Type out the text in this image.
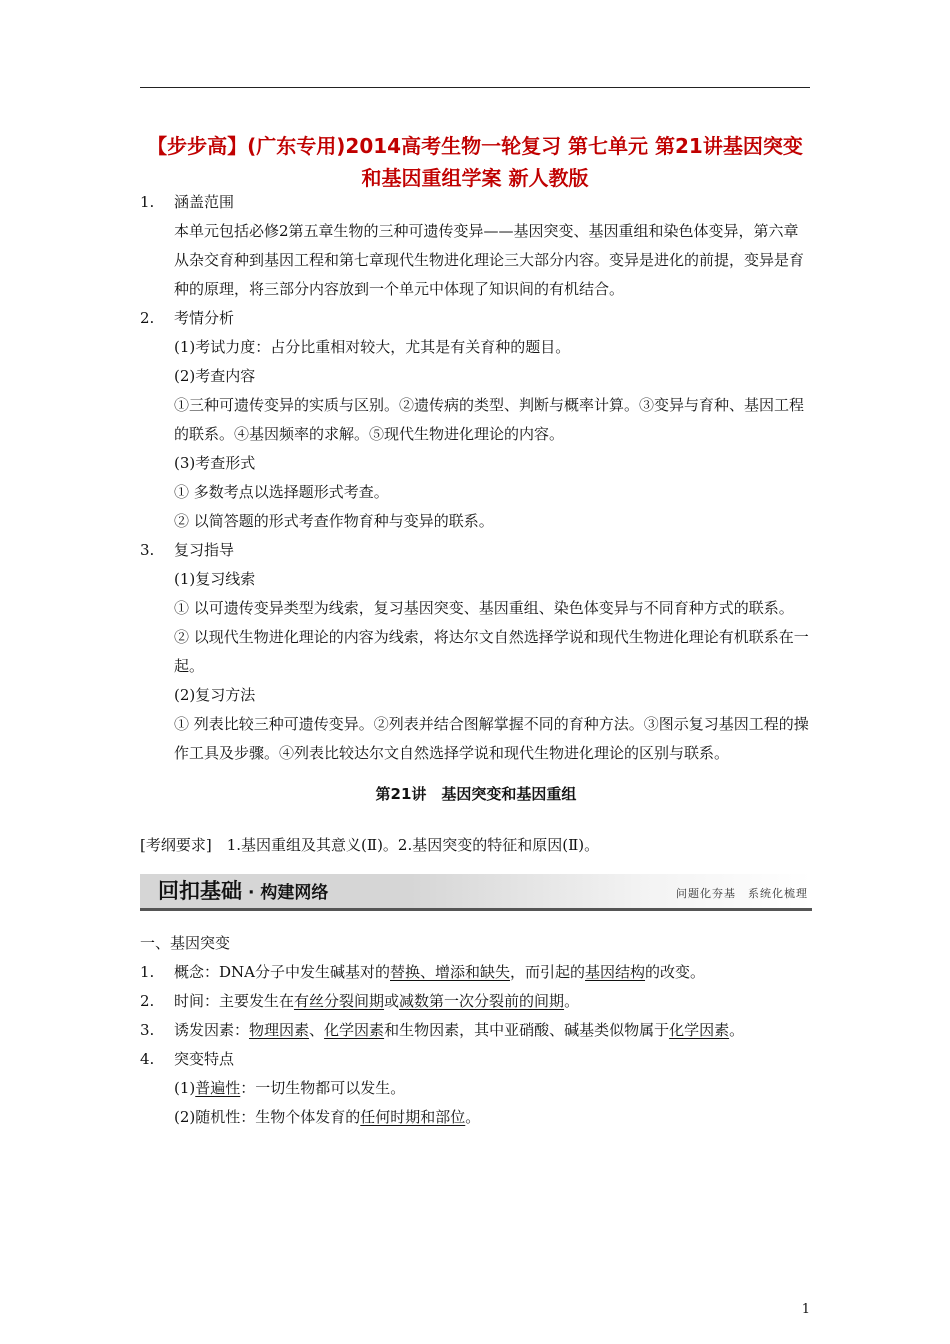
【步步高】(广东专用)2014高考生物一轮复习 第七单元 第21讲基因突变和基因重组学案 新人教版
1. 涵盖范围
本单元包括必修2第五章生物的三种可遗传变异——基因突变、基因重组和染色体变异，第六章从杂交育种到基因工程和第七章现代生物进化理论三大部分内容。变异是进化的前提，变异是育种的原理，将三部分内容放到一个单元中体现了知识间的有机结合。
2. 考情分析
(1)考试力度：占分比重相对较大，尤其是有关育种的题目。
(2)考查内容
①三种可遗传变异的实质与区别。②遗传病的类型、判断与概率计算。③变异与育种、基因工程的联系。④基因频率的求解。⑤现代生物进化理论的内容。
(3)考查形式
① 多数考点以选择题形式考查。
② 以简答题的形式考查作物育种与变异的联系。
3. 复习指导
(1)复习线索
① 以可遗传变异类型为线索，复习基因突变、基因重组、染色体变异与不同育种方式的联系。
② 以现代生物进化理论的内容为线索，将达尔文自然选择学说和现代生物进化理论有机联系在一起。
(2)复习方法
① 列表比较三种可遗传变异。②列表并结合图解掌握不同的育种方法。③图示复习基因工程的操作工具及步骤。④列表比较达尔文自然选择学说和现代生物进化理论的区别与联系。
第21讲　基因突变和基因重组
[考纲要求]　1.基因重组及其意义(Ⅱ)。2.基因突变的特征和原因(Ⅱ)。
回扣基础 · 构建网络	问题化夯基　系统化梳理
一、基因突变
1. 概念：DNA分子中发生碱基对的替换、增添和缺失，而引起的基因结构的改变。
2. 时间：主要发生在有丝分裂间期或减数第一次分裂前的间期。
3. 诱发因素：物理因素、化学因素和生物因素，其中亚硝酸、碱基类似物属于化学因素。
4. 突变特点
(1)普遍性：一切生物都可以发生。
(2)随机性：生物个体发育的任何时期和部位。
1
